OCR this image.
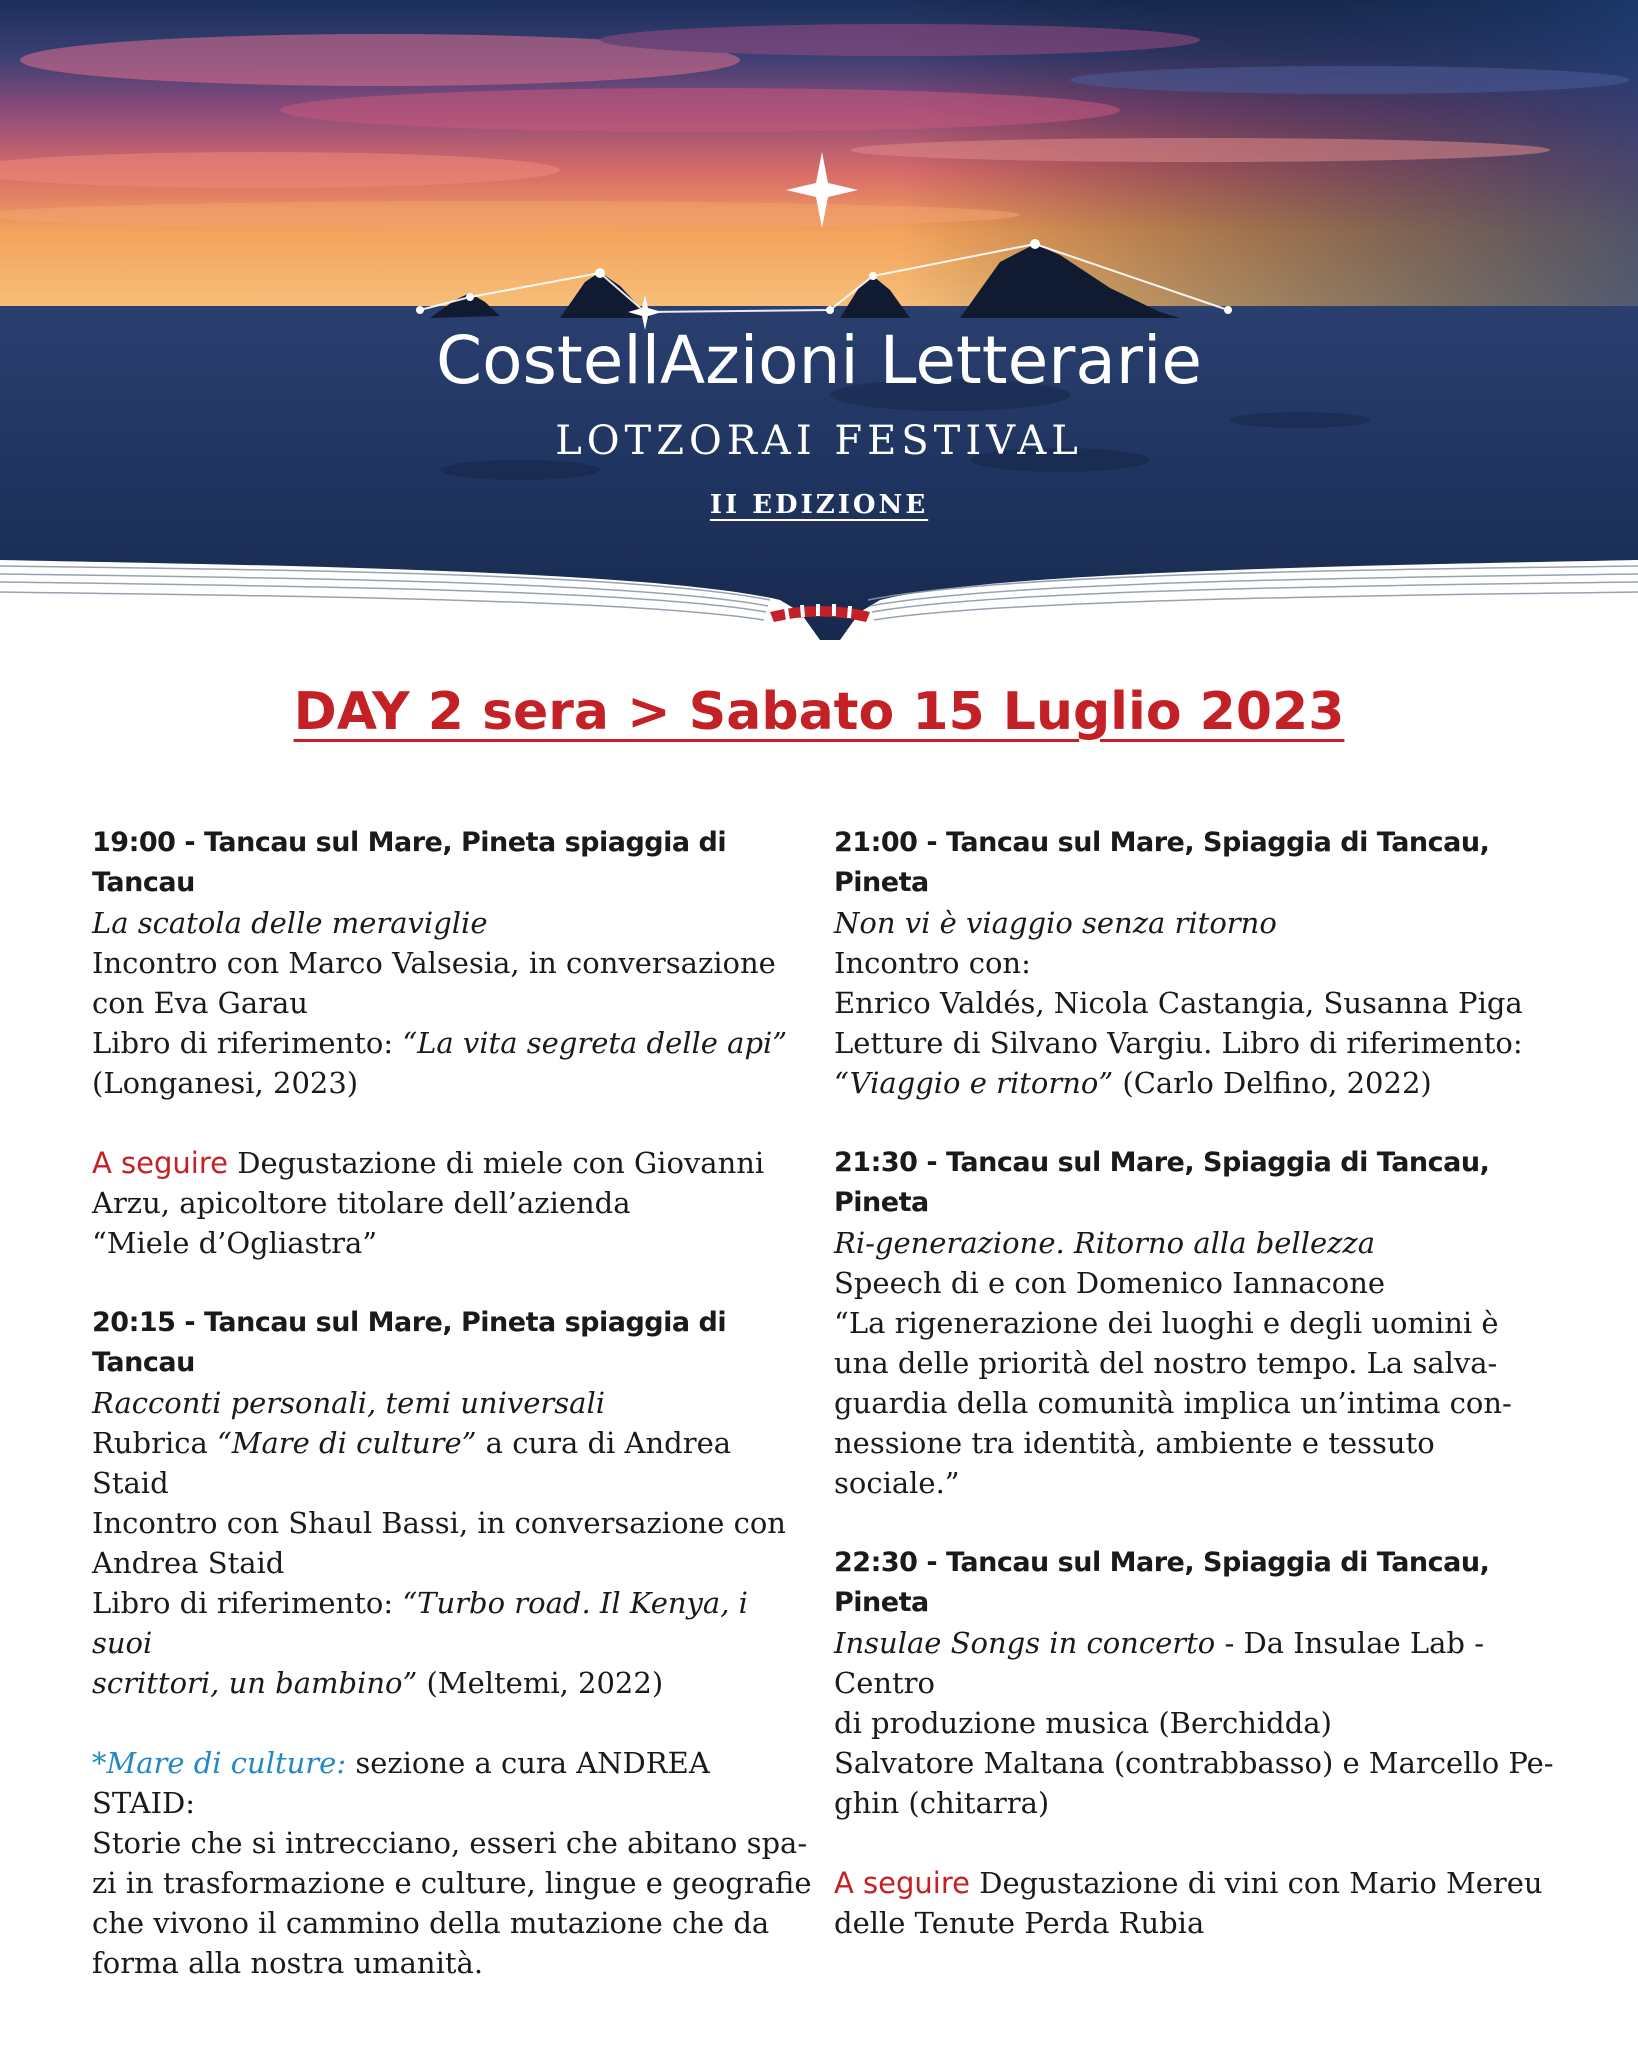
CostellAzioni Letterarie
LOTZORAI FESTIVAL
II EDIZIONE
DAY 2 sera > Sabato 15 Luglio 2023

19:00 - Tancau sul Mare, Pineta spiaggia di Tancau

La scatola delle meraviglie

Incontro con Marco Valsesia, in conversazione

con Eva Garau

Libro di riferimento: “La vita segreta delle api”

(Longanesi, 2023)

A seguire Degustazione di miele con Giovanni

Arzu, apicoltore titolare dell’azienda

“Miele d’Ogliastra”

20:15 - Tancau sul Mare, Pineta spiaggia di Tancau

Racconti personali, temi universali

Rubrica “Mare di culture” a cura di Andrea Staid

Incontro con Shaul Bassi, in conversazione con

Andrea Staid

Libro di riferimento: “Turbo road. Il Kenya, i suoi

scrittori, un bambino” (Meltemi, 2022)

*Mare di culture: sezione a cura ANDREA STAID:

Storie che si intrecciano, esseri che abitano spa-

zi in trasformazione e culture, lingue e geografie

che vivono il cammino della mutazione che da

forma alla nostra umanità.

21:00 - Tancau sul Mare, Spiaggia di Tancau, Pineta

Non vi è viaggio senza ritorno

Incontro con:

Enrico Valdés, Nicola Castangia, Susanna Piga

Letture di Silvano Vargiu. Libro di riferimento:

“Viaggio e ritorno” (Carlo Delfino, 2022)

21:30 - Tancau sul Mare, Spiaggia di Tancau, Pineta

Ri-generazione. Ritorno alla bellezza

Speech di e con Domenico Iannacone

“La rigenerazione dei luoghi e degli uomini è

una delle priorità del nostro tempo. La salva-

guardia della comunità implica un’intima con-

nessione tra identità, ambiente e tessuto sociale.”

22:30 - Tancau sul Mare, Spiaggia di Tancau, Pineta

Insulae Songs in concerto - Da Insulae Lab - Centro

di produzione musica (Berchidda)

Salvatore Maltana (contrabbasso) e Marcello Pe-

ghin (chitarra)

A seguire Degustazione di vini con Mario Mereu

delle Tenute Perda Rubia
